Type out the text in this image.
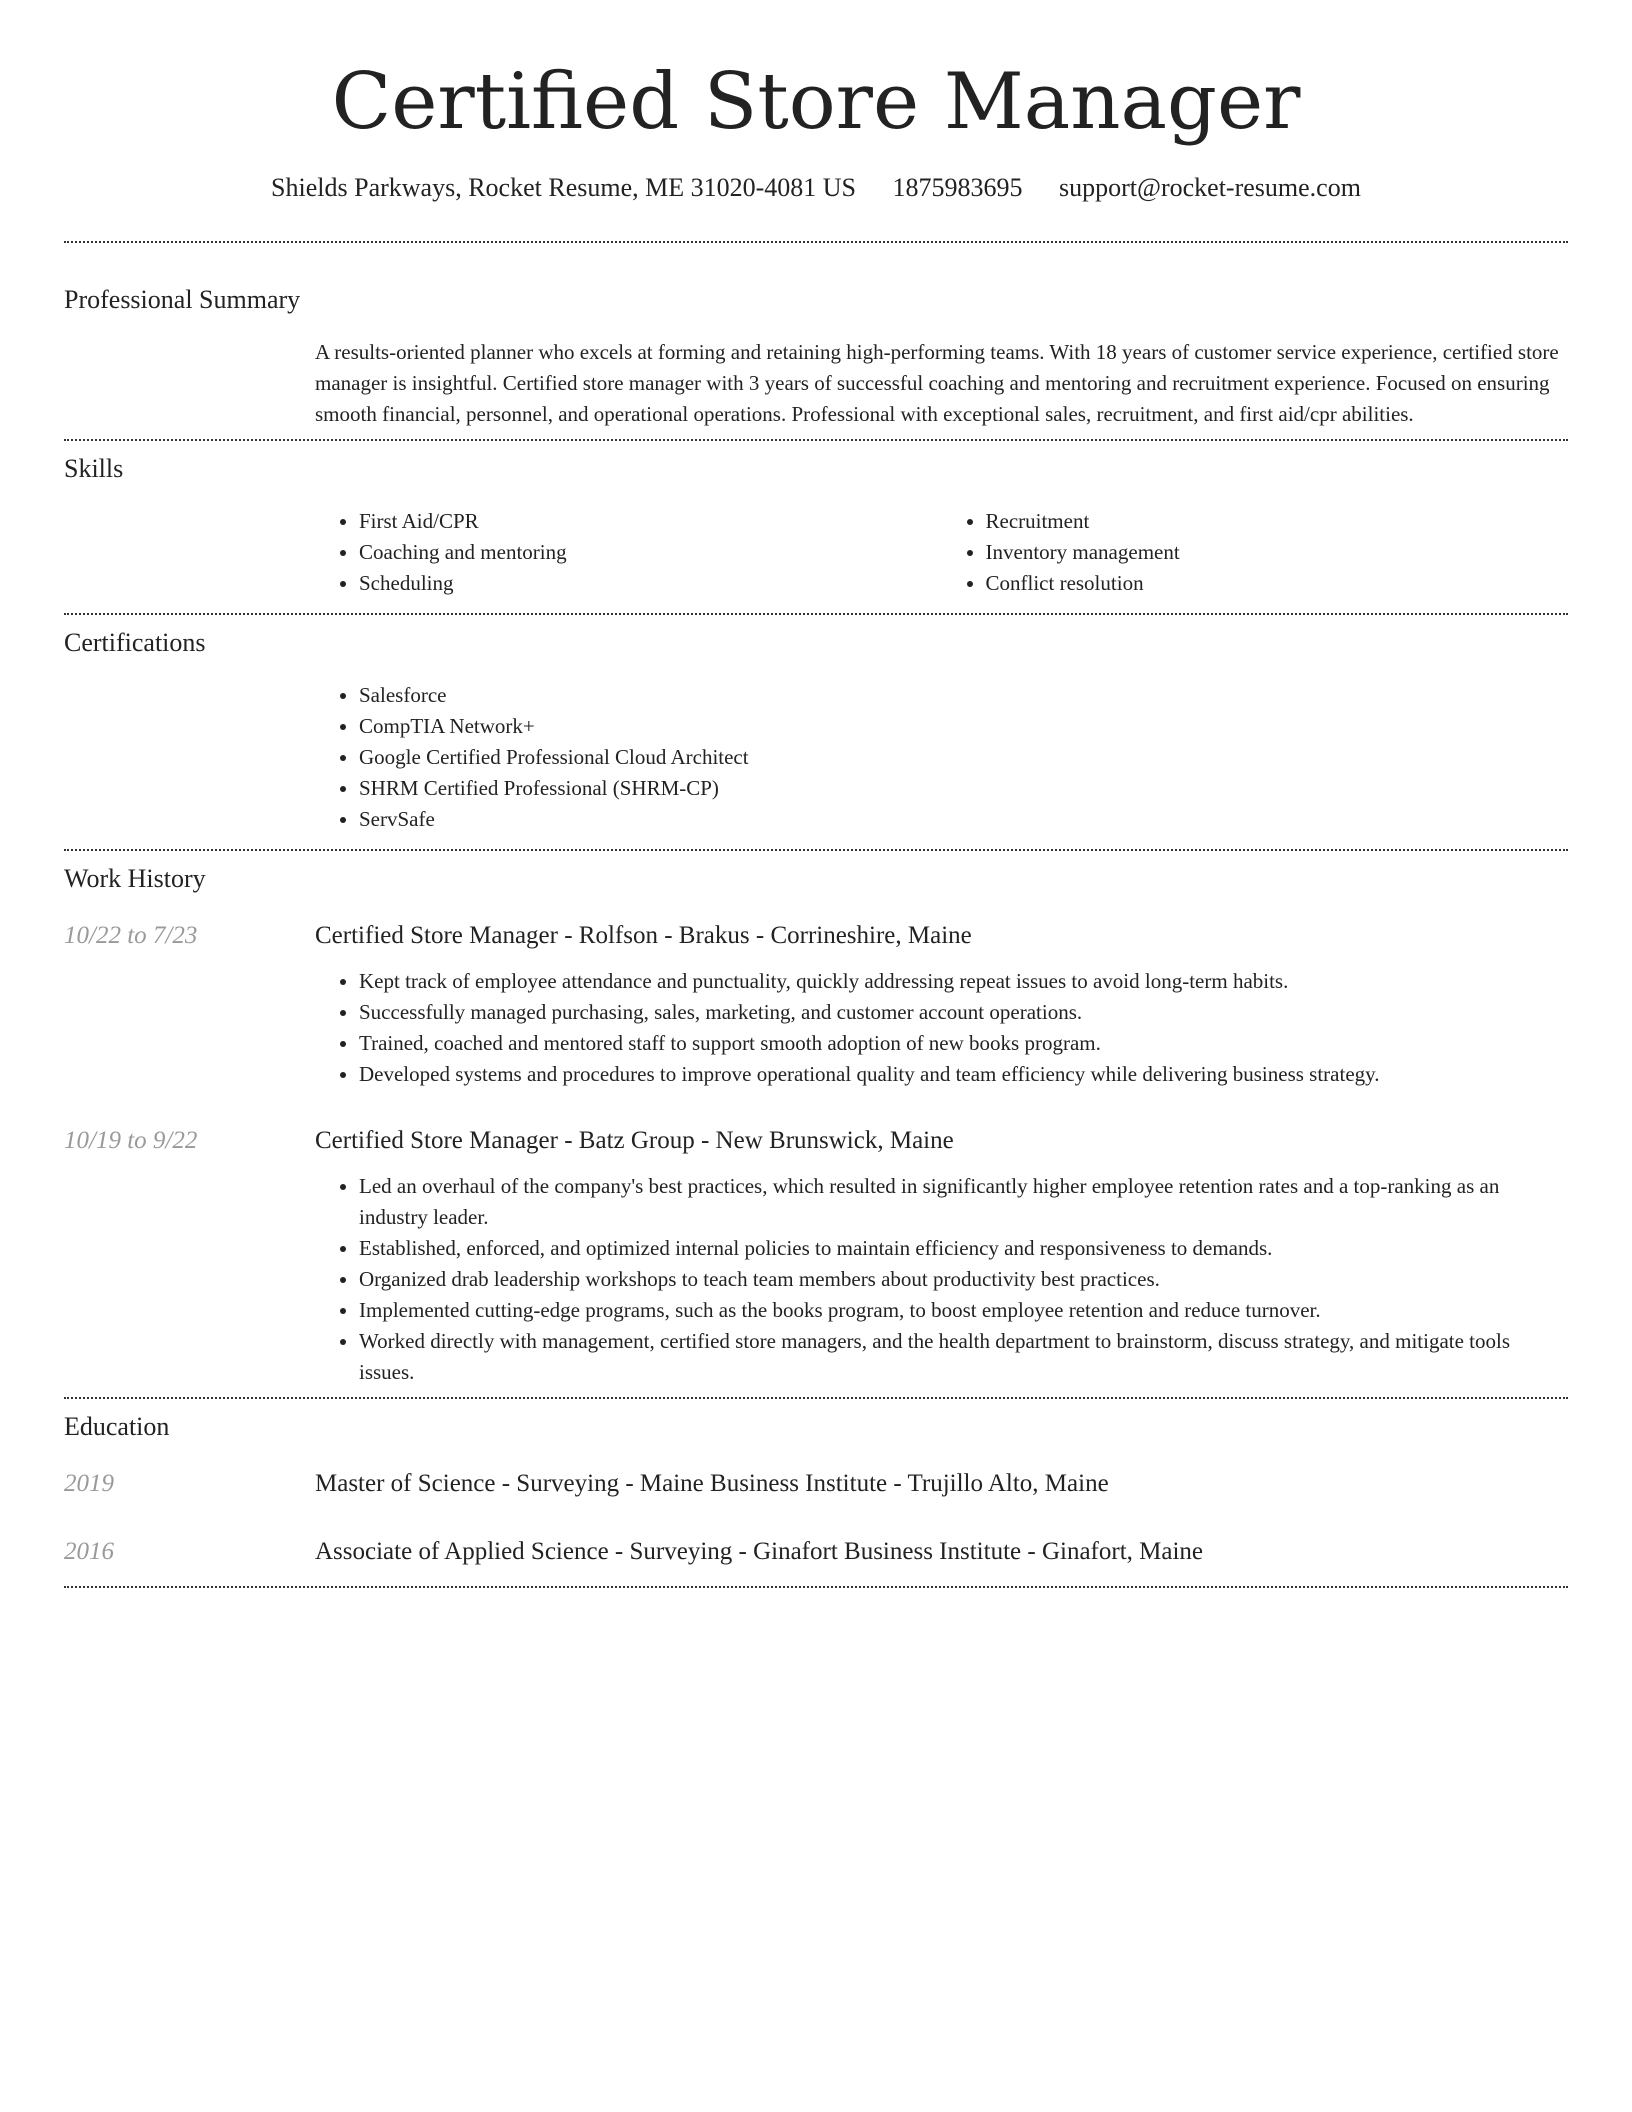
Certified Store Manager
Shields Parkways, Rocket Resume, ME 31020-4081 US 1875983695 support@rocket-resume.com
Professional Summary

A results-oriented planner who excels at forming and retaining high-performing teams. With 18 years of customer service experience, certified store manager is insightful. Certified store manager with 3 years of successful coaching and mentoring and recruitment experience. Focused on ensuring smooth financial, personnel, and operational operations. Professional with exceptional sales, recruitment, and first aid/cpr abilities.

Skills
• First Aid/CPR
• Coaching and mentoring
• Scheduling
• Recruitment
• Inventory management
• Conflict resolution
Certifications
• Salesforce
• CompTIA Network+
• Google Certified Professional Cloud Architect
• SHRM Certified Professional (SHRM-CP)
• ServSafe
Work History
10/22 to 7/23	Certified Store Manager - Rolfson - Brakus - Corrineshire, Maine
• Kept track of employee attendance and punctuality, quickly addressing repeat issues to avoid long-term habits.
• Successfully managed purchasing, sales, marketing, and customer account operations.
• Trained, coached and mentored staff to support smooth adoption of new books program.
• Developed systems and procedures to improve operational quality and team efficiency while delivering business strategy.
10/19 to 9/22	Certified Store Manager - Batz Group - New Brunswick, Maine
• Led an overhaul of the company's best practices, which resulted in significantly higher employee retention rates and a top-ranking as an industry leader.
• Established, enforced, and optimized internal policies to maintain efficiency and responsiveness to demands.
• Organized drab leadership workshops to teach team members about productivity best practices.
• Implemented cutting-edge programs, such as the books program, to boost employee retention and reduce turnover.
• Worked directly with management, certified store managers, and the health department to brainstorm, discuss strategy, and mitigate tools issues.
Education
2019	Master of Science - Surveying - Maine Business Institute - Trujillo Alto, Maine
2016	Associate of Applied Science - Surveying - Ginafort Business Institute - Ginafort, Maine
